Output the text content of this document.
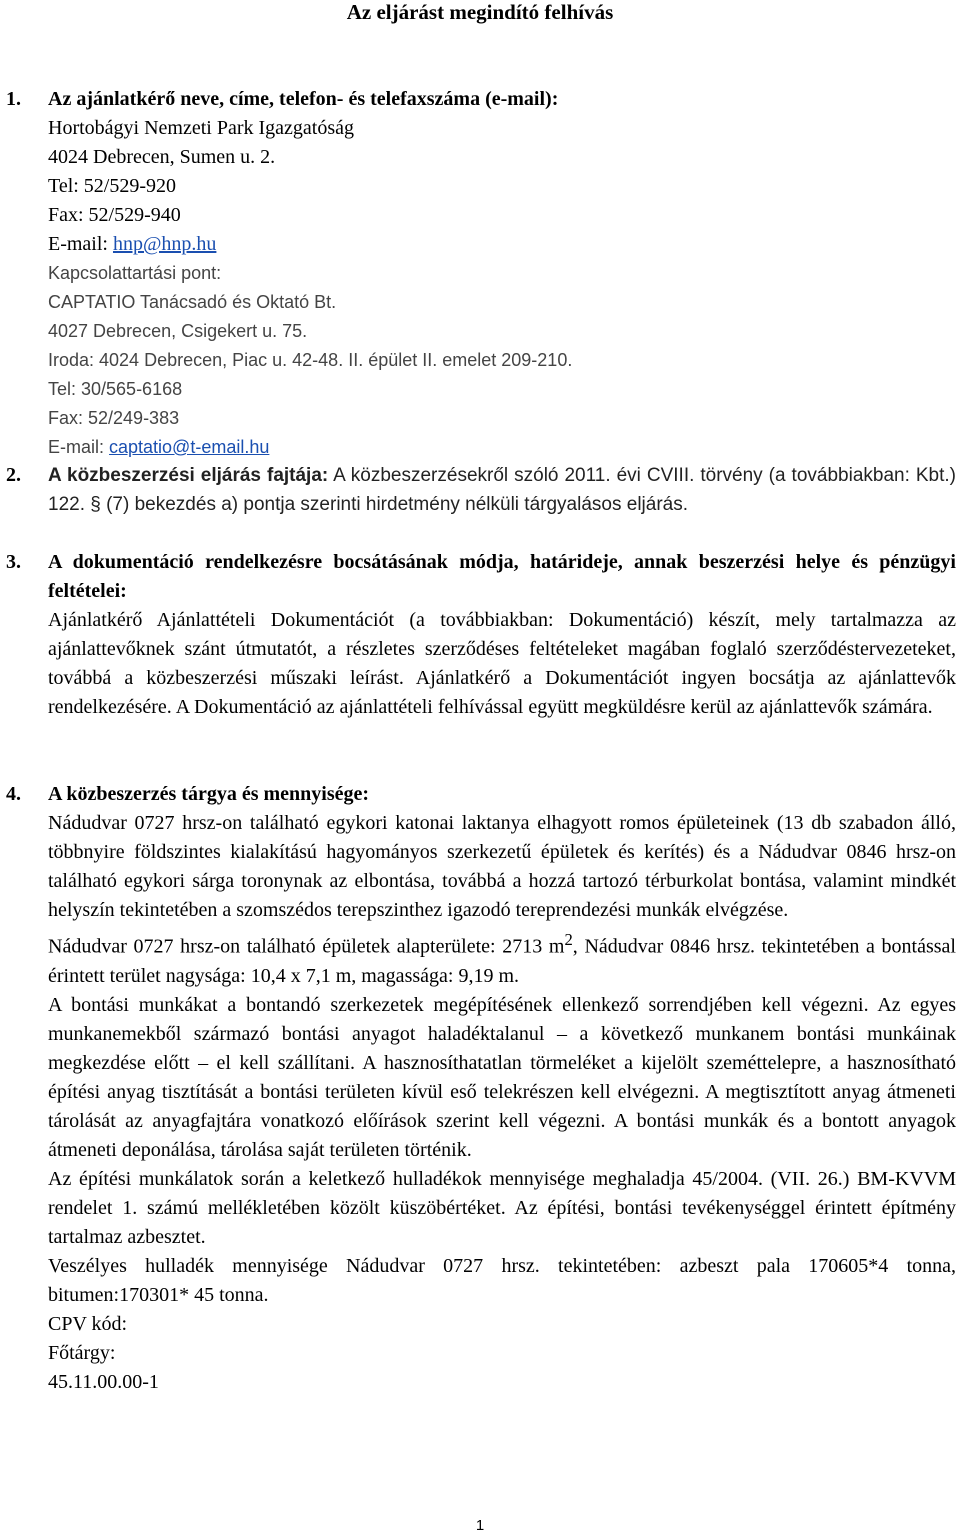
Az eljárást megindító felhívás
1. Az ajánlatkérő neve, címe, telefon- és telefaxszáma (e-mail):
Hortobágyi Nemzeti Park Igazgatóság
4024 Debrecen, Sumen u. 2.
Tel: 52/529-920
Fax: 52/529-940
E-mail: hnp@hnp.hu
Kapcsolattartási pont:
CAPTATIO Tanácsadó és Oktató Bt.
4027 Debrecen, Csigekert u. 75.
Iroda: 4024 Debrecen, Piac u. 42-48. II. épület II. emelet 209-210.
Tel: 30/565-6168
Fax: 52/249-383
E-mail: captatio@t-email.hu
2. A közbeszerzési eljárás fajtája: A közbeszerzésekről szóló 2011. évi CVIII. törvény (a továbbiakban: Kbt.) 122. § (7) bekezdés a) pontja szerinti hirdetmény nélküli tárgyalásos eljárás.
3. A dokumentáció rendelkezésre bocsátásának módja, határideje, annak beszerzési helye és pénzügyi feltételei:
Ajánlatkérő Ajánlattételi Dokumentációt (a továbbiakban: Dokumentáció) készít, mely tartalmazza az ajánlattevőknek szánt útmutatót, a részletes szerződéses feltételeket magában foglaló szerződéstervezeteket, továbbá a közbeszerzési műszaki leírást. Ajánlatkérő a Dokumentációt ingyen bocsátja az ajánlattevők rendelkezésére. A Dokumentáció az ajánlattételi felhívással együtt megküldésre kerül az ajánlattevők számára.
4. A közbeszerzés tárgya és mennyisége:
Nádudvar 0727 hrsz-on található egykori katonai laktanya elhagyott romos épületeinek (13 db szabadon álló, többnyire földszintes kialakítású hagyományos szerkezetű épületek és kerítés) és a Nádudvar 0846 hrsz-on található egykori sárga toronynak az elbontása, továbbá a hozzá tartozó térburkolat bontása, valamint mindkét helyszín tekintetében a szomszédos terepszinthez igazodó tereprendezési munkák elvégzése.
Nádudvar 0727 hrsz-on található épületek alapterülete: 2713 $m^2$, Nádudvar 0846 hrsz. tekintetében a bontással érintett terület nagysága: 10,4 x 7,1 m, magassága: 9,19 m.
A bontási munkákat a bontandó szerkezetek megépítésének ellenkező sorrendjében kell végezni. Az egyes munkanemekből származó bontási anyagot haladéktalanul – a következő munkanem bontási munkáinak megkezdése előtt – el kell szállítani. A hasznosíthatatlan törmeléket a kijelölt szeméttelepre, a hasznosítható építési anyag tisztítását a bontási területen kívül eső telekrészen kell elvégezni. A megtisztított anyag átmeneti tárolását az anyagfajtára vonatkozó előírások szerint kell végezni. A bontási munkák és a bontott anyagok átmeneti deponálása, tárolása saját területen történik.
Az építési munkálatok során a keletkező hulladékok mennyisége meghaladja 45/2004. (VII. 26.) BM-KVVM rendelet 1. számú mellékletében közölt küszöbértéket. Az építési, bontási tevékenységgel érintett építmény tartalmaz azbesztet.
Veszélyes hulladék mennyisége Nádudvar 0727 hrsz. tekintetében: azbeszt pala 170605*4 tonna, bitumen:170301* 45 tonna.
CPV kód:
Főtárgy:
45.11.00.00-1
1
